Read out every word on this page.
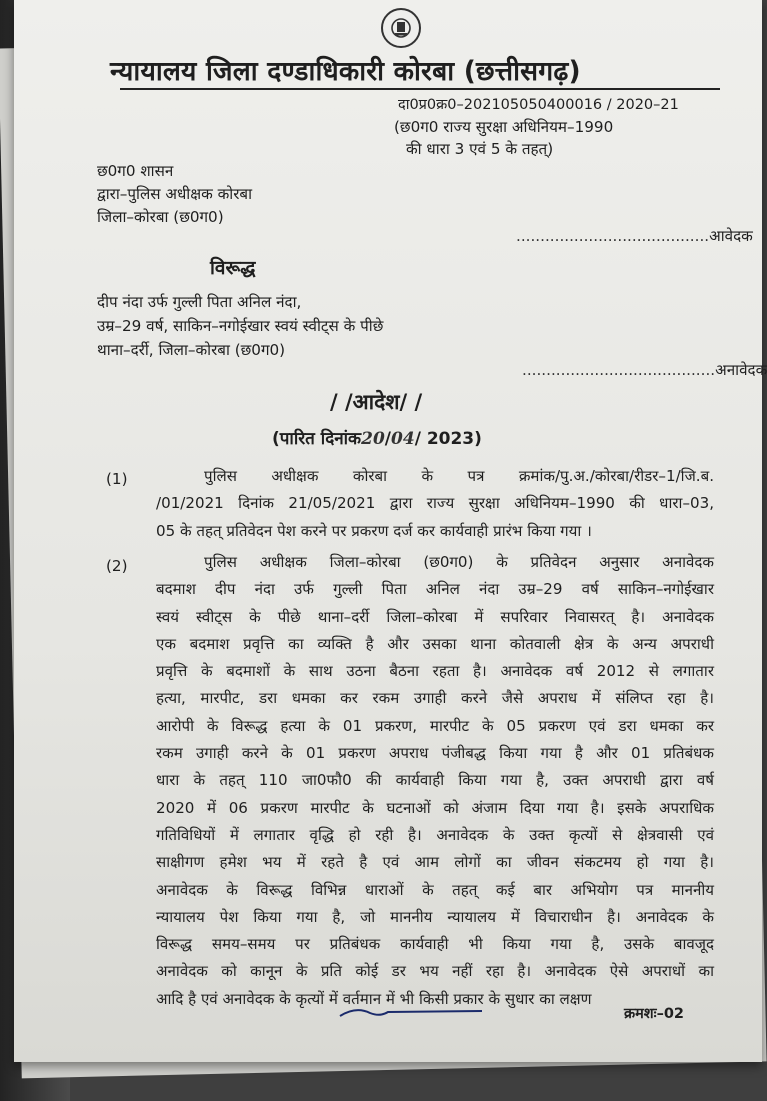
न्यायालय जिला दण्डाधिकारी कोरबा (छत्तीसगढ़)
दा0प्र0क्र0–202105050400016 / 2020–21
(छ0ग0 राज्य सुरक्षा अधिनियम–1990
की धारा 3 एवं 5 के तहत्)
छ0ग0 शासन
द्वारा–पुलिस अधीक्षक कोरबा
जिला–कोरबा (छ0ग0)
........................................आवेदक
विरूद्ध
दीप नंदा उर्फ गुल्ली पिता अनिल नंदा,
उम्र–29 वर्ष, साकिन–नगोईखार स्वयं स्वीट्स के पीछे
थाना–दर्री, जिला–कोरबा (छ0ग0)
........................................अनावेदक
/ /आदेश/ /
(पारित दिनांक20/04/ 2023)
(1)	पुलिस अधीक्षक कोरबा के पत्र क्रमांक/पु.अ./कोरबा/रीडर–1/जि.ब.
/01/2021 दिनांक 21/05/2021 द्वारा राज्य सुरक्षा अधिनियम–1990 की धारा–03,
05 के तहत् प्रतिवेदन पेश करने पर प्रकरण दर्ज कर कार्यवाही प्रारंभ किया गया ।
(2)	पुलिस अधीक्षक जिला–कोरबा (छ0ग0) के प्रतिवेदन अनुसार अनावेदक
बदमाश दीप नंदा उर्फ गुल्ली पिता अनिल नंदा उम्र–29 वर्ष साकिन–नगोईखार
स्वयं स्वीट्स के पीछे थाना–दर्री जिला–कोरबा में सपरिवार निवासरत् है। अनावेदक
एक बदमाश प्रवृत्ति का व्यक्ति है और उसका थाना कोतवाली क्षेत्र के अन्य अपराधी
प्रवृत्ति के बदमाशों के साथ उठना बैठना रहता है। अनावेदक वर्ष 2012 से लगातार
हत्या, मारपीट, डरा धमका कर रकम उगाही करने जैसे अपराध में संलिप्त रहा है।
आरोपी के विरूद्ध हत्या के 01 प्रकरण, मारपीट के 05 प्रकरण एवं डरा धमका कर
रकम उगाही करने के 01 प्रकरण अपराध पंजीबद्ध किया गया है और 01 प्रतिबंधक
धारा के तहत् 110 जा0फौ0 की कार्यवाही किया गया है, उक्त अपराधी द्वारा वर्ष
2020 में 06 प्रकरण मारपीट के घटनाओं को अंजाम दिया गया है। इसके अपराधिक
गतिविधियों में लगातार वृद्धि हो रही है। अनावेदक के उक्त कृत्यों से क्षेत्रवासी एवं
साक्षीगण हमेश भय में रहते है एवं आम लोगों का जीवन संकटमय हो गया है।
अनावेदक के विरूद्ध विभिन्न धाराओं के तहत् कई बार अभियोग पत्र माननीय
न्यायालय पेश किया गया है, जो माननीय न्यायालय में विचाराधीन है। अनावेदक के
विरूद्ध समय–समय पर प्रतिबंधक कार्यवाही भी किया गया है, उसके बावजूद
अनावेदक को कानून के प्रति कोई डर भय नहीं रहा है। अनावेदक ऐसे अपराधों का
आदि है एवं अनावेदक के कृत्यों में वर्तमान में भी किसी प्रकार के सुधार का लक्षण
क्रमशः–02
